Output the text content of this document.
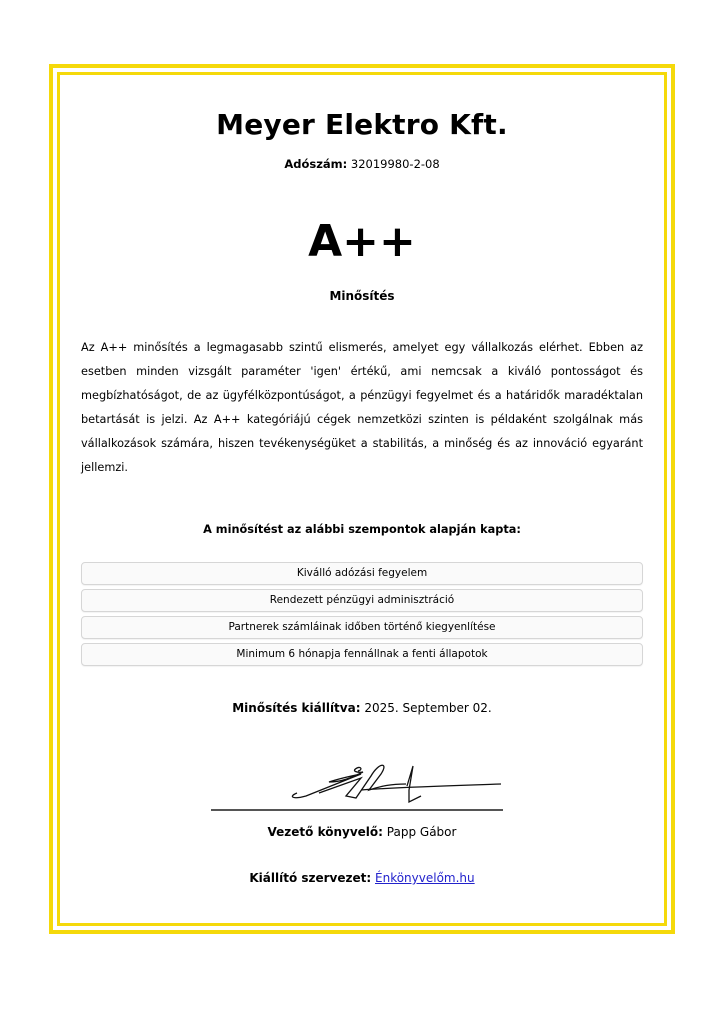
Meyer Elektro Kft.
Adószám: 32019980-2-08
A++
Minősítés
Az A++ minősítés a legmagasabb szintű elismerés, amelyet egy vállalkozás elérhet. Ebben az esetben minden vizsgált paraméter 'igen' értékű, ami nemcsak a kiváló pontosságot és megbízhatóságot, de az ügyfélközpontúságot, a pénzügyi fegyelmet és a határidők maradéktalan betartását is jelzi. Az A++ kategóriájú cégek nemzetközi szinten is példaként szolgálnak más vállalkozások számára, hiszen tevékenységüket a stabilitás, a minőség és az innováció egyaránt jellemzi.
A minősítést az alábbi szempontok alapján kapta:
Kiválló adózási fegyelem
Rendezett pénzügyi adminisztráció
Partnerek számláinak időben történő kiegyenlítése
Minimum 6 hónapja fennállnak a fenti állapotok
Minősítés kiállítva: 2025. September 02.
Vezető könyvelő: Papp Gábor
Kiállító szervezet: Énkönyvelőm.hu
